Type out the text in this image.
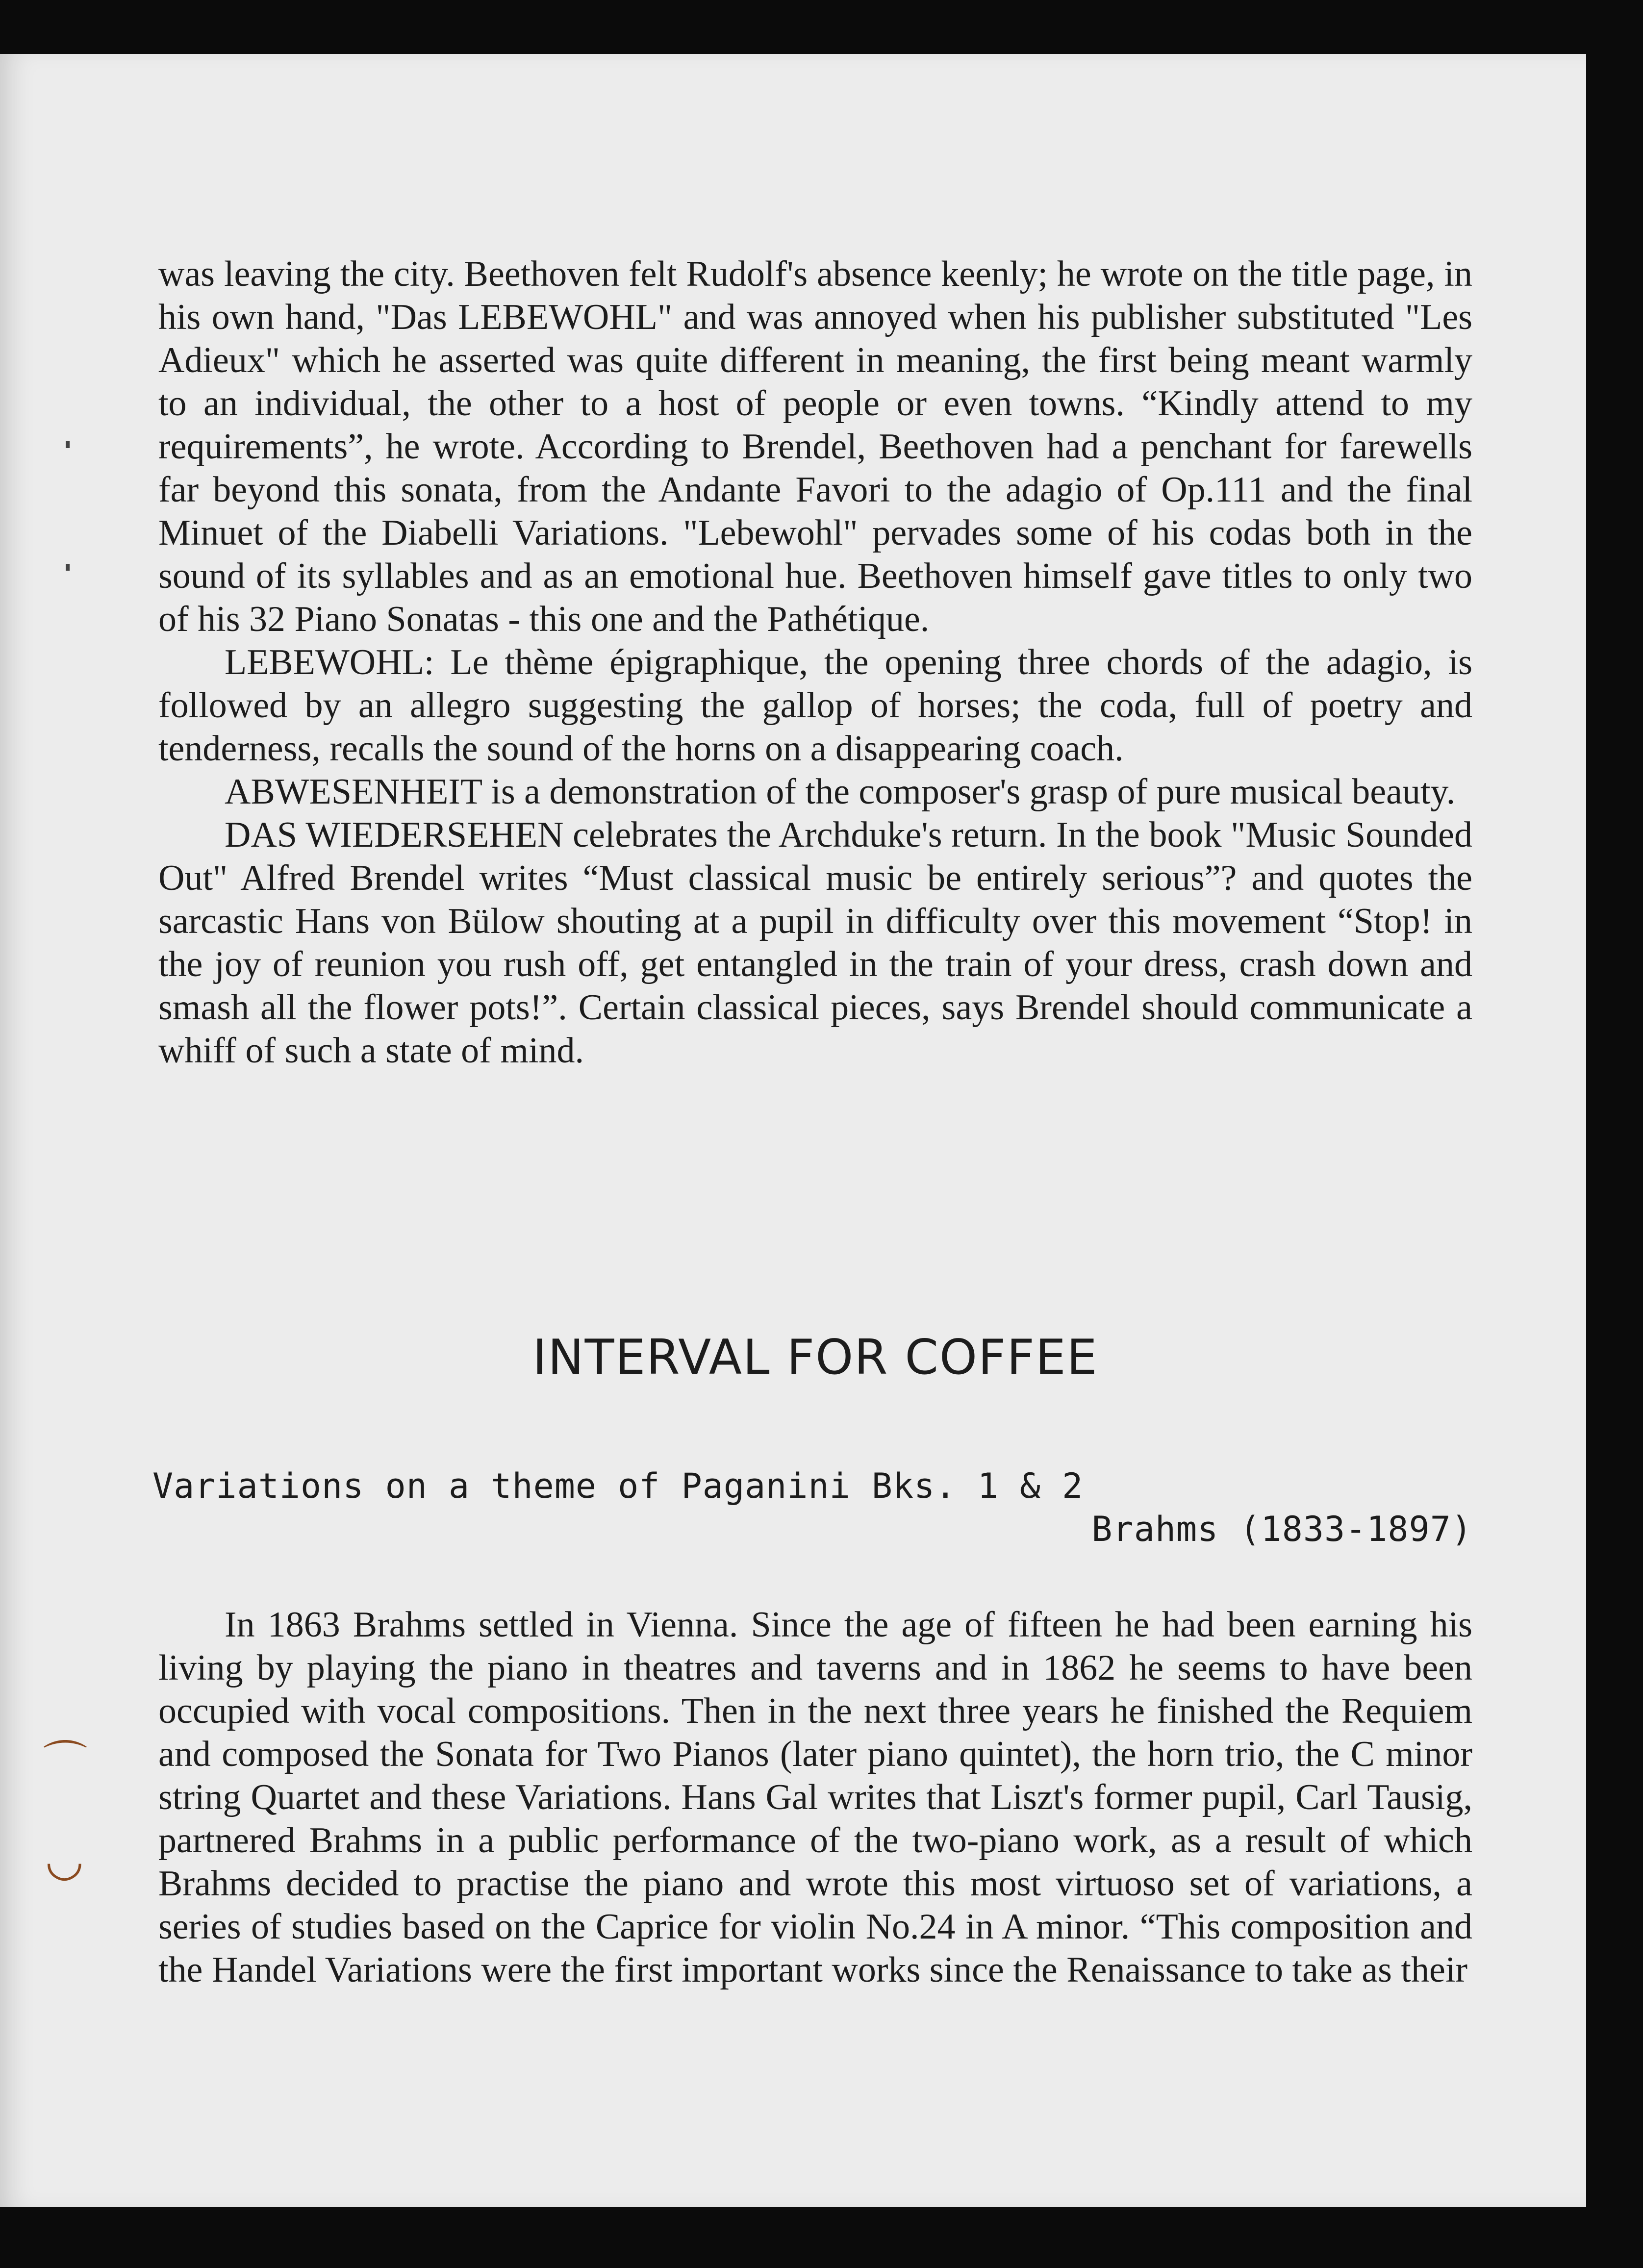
⌒
◡

was leaving the city. Beethoven felt Rudolf's absence keenly; he wrote on the title page, in his own hand, "Das LEBEWOHL" and was annoyed when his publisher substituted "Les Adieux" which he asserted was quite different in meaning, the first being meant warmly to an individual, the other to a host of people or even towns. “Kindly attend to my requirements”, he wrote. According to Brendel, Beethoven had a penchant for farewells far beyond this sonata, from the Andante Favori to the adagio of Op.111 and the final Minuet of the Diabelli Variations. "Lebewohl" pervades some of his codas both in the sound of its syllables and as an emotional hue. Beethoven himself gave titles to only two of his 32 Piano Sonatas - this one and the Pathétique.

LEBEWOHL: Le thème épigraphique, the opening three chords of the adagio, is followed by an allegro suggesting the gallop of horses; the coda, full of poetry and tenderness, recalls the sound of the horns on a disappearing coach.

ABWESENHEIT is a demonstration of the composer's grasp of pure musical beauty.

DAS WIEDERSEHEN celebrates the Archduke's return. In the book "Music Sounded Out" Alfred Brendel writes “Must classical music be entirely serious”? and quotes the sarcastic Hans von Bülow shouting at a pupil in difficulty over this movement “Stop! in the joy of reunion you rush off, get entangled in the train of your dress, crash down and smash all the flower pots!”. Certain classical pieces, says Brendel should communicate a whiff of such a state of mind.

INTERVAL FOR COFFEE
Variations on a theme of Paganini Bks. 1 & 2
Brahms (1833-1897)

In 1863 Brahms settled in Vienna. Since the age of fifteen he had been earning his living by playing the piano in theatres and taverns and in 1862 he seems to have been occupied with vocal compositions. Then in the next three years he finished the Requiem and composed the Sonata for Two Pianos (later piano quintet), the horn trio, the C minor string Quartet and these Variations. Hans Gal writes that Liszt's former pupil, Carl Tausig, partnered Brahms in a public performance of the two-piano work, as a result of which Brahms decided to practise the piano and wrote this most virtuoso set of variations, a series of studies based on the Caprice for violin No.24 in A minor. “This composition and the Handel Variations were the first important works since the Renaissance to take as their
